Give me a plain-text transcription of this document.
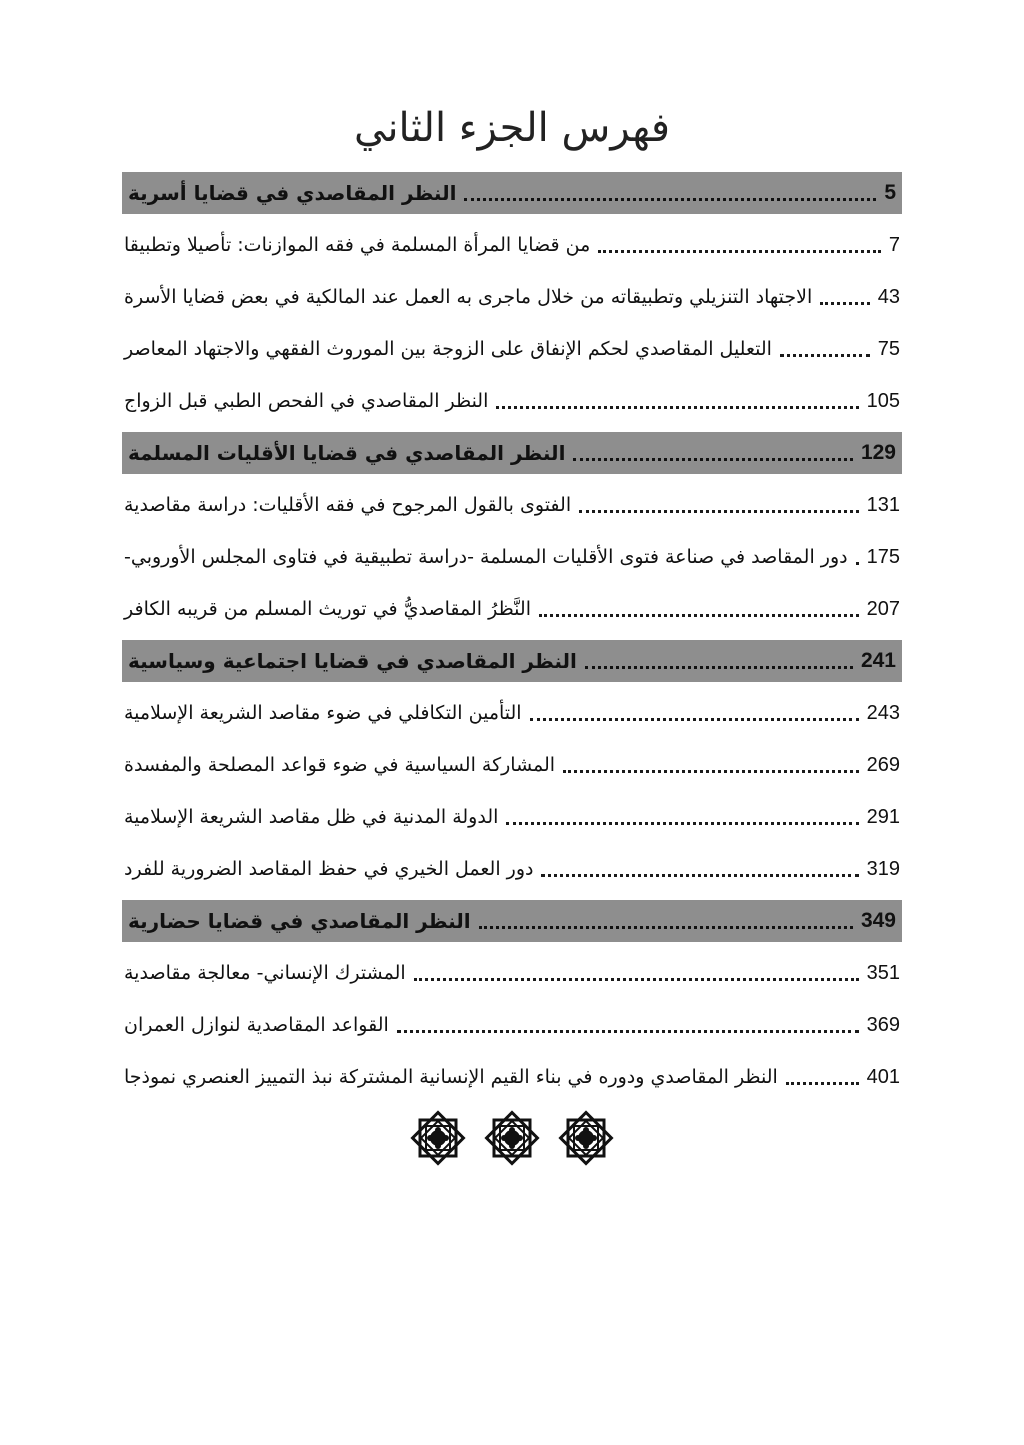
فهرس الجزء الثاني
النظر المقاصدي في قضايا أسرية	5
من قضايا المرأة المسلمة في فقه الموازنات: تأصيلا وتطبيقا	7
الاجتهاد التنزيلي وتطبيقاته من خلال ماجرى به العمل عند المالكية في بعض قضايا الأسرة	43
التعليل المقاصدي لحكم الإنفاق على الزوجة بين الموروث الفقهي والاجتهاد المعاصر	75
النظر المقاصدي في الفحص الطبي قبل الزواج	105
النظر المقاصدي في قضايا الأقليات المسلمة	129
الفتوى بالقول المرجوح في فقه الأقليات: دراسة مقاصدية	131
دور المقاصد في صناعة فتوى الأقليات المسلمة -دراسة تطبيقية في فتاوى المجلس الأوروبي- 175
النَّظرُ المقاصديُّ في توريث المسلم من قريبه الكافر	207
النظر المقاصدي في قضايا اجتماعية وسياسية	241
التأمين التكافلي في ضوء مقاصد الشريعة الإسلامية	243
المشاركة السياسية في ضوء قواعد المصلحة والمفسدة	269
الدولة المدنية في ظل مقاصد الشريعة الإسلامية	291
دور العمل الخيري في حفظ المقاصد الضرورية للفرد	319
النظر المقاصدي في قضايا حضارية	349
المشترك الإنساني- معالجة مقاصدية	351
القواعد المقاصدية لنوازل العمران	369
النظر المقاصدي ودوره في بناء القيم الإنسانية المشتركة نبذ التمييز العنصري نموذجا	401
